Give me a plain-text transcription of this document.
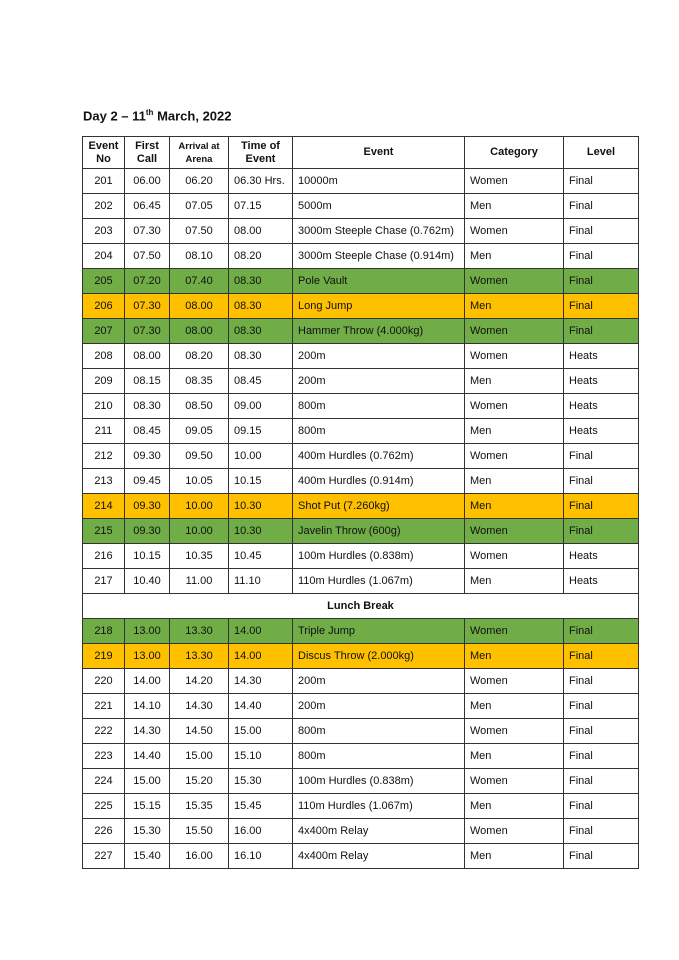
Day 2 – 11th March, 2022
Event No	First Call	Arrival at Arena	Time of Event	Event	Category	Level
201	06.00	06.20	06.30 Hrs.	10000m	Women	Final
202	06.45	07.05	07.15	5000m	Men	Final
203	07.30	07.50	08.00	3000m Steeple Chase (0.762m)	Women	Final
204	07.50	08.10	08.20	3000m Steeple Chase (0.914m)	Men	Final
205	07.20	07.40	08.30	Pole Vault	Women	Final
206	07.30	08.00	08.30	Long Jump	Men	Final
207	07.30	08.00	08.30	Hammer Throw (4.000kg)	Women	Final
208	08.00	08.20	08.30	200m	Women	Heats
209	08.15	08.35	08.45	200m	Men	Heats
210	08.30	08.50	09.00	800m	Women	Heats
211	08.45	09.05	09.15	800m	Men	Heats
212	09.30	09.50	10.00	400m Hurdles (0.762m)	Women	Final
213	09.45	10.05	10.15	400m Hurdles (0.914m)	Men	Final
214	09.30	10.00	10.30	Shot Put (7.260kg)	Men	Final
215	09.30	10.00	10.30	Javelin Throw (600g)	Women	Final
216	10.15	10.35	10.45	100m Hurdles (0.838m)	Women	Heats
217	10.40	11.00	11.10	110m Hurdles (1.067m)	Men	Heats
Lunch Break						
218	13.00	13.30	14.00	Triple Jump	Women	Final
219	13.00	13.30	14.00	Discus Throw (2.000kg)	Men	Final
220	14.00	14.20	14.30	200m	Women	Final
221	14.10	14.30	14.40	200m	Men	Final
222	14.30	14.50	15.00	800m	Women	Final
223	14.40	15.00	15.10	800m	Men	Final
224	15.00	15.20	15.30	100m Hurdles (0.838m)	Women	Final
225	15.15	15.35	15.45	110m Hurdles (1.067m)	Men	Final
226	15.30	15.50	16.00	4x400m Relay	Women	Final
227	15.40	16.00	16.10	4x400m Relay	Men	Final
